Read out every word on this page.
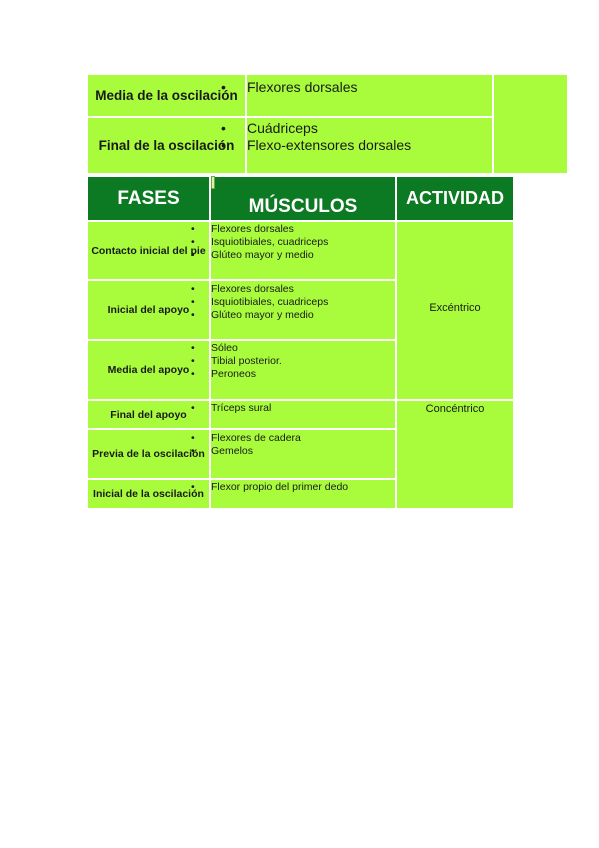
Media de la oscilación
• Flexores dorsales
Final de la oscilación
• Cuádriceps
• Flexo-extensores dorsales
FASES	MÚSCULOS	ACTIVIDAD
Contacto inicial del pie
Inicial del apoyo
Media del apoyo
Final del apoyo
Previa de la oscilación
Inicial de la oscilación
• Flexores dorsales
• Isquiotibiales, cuadriceps
• Glúteo mayor y medio
• Flexores dorsales
• Isquiotibiales, cuadriceps
• Glúteo mayor y medio
• Sóleo
• Tibial posterior.
• Peroneos
• Tríceps sural
• Flexores de cadera
• Gemelos
• Flexor propio del primer dedo
Excéntrico
Concéntrico
